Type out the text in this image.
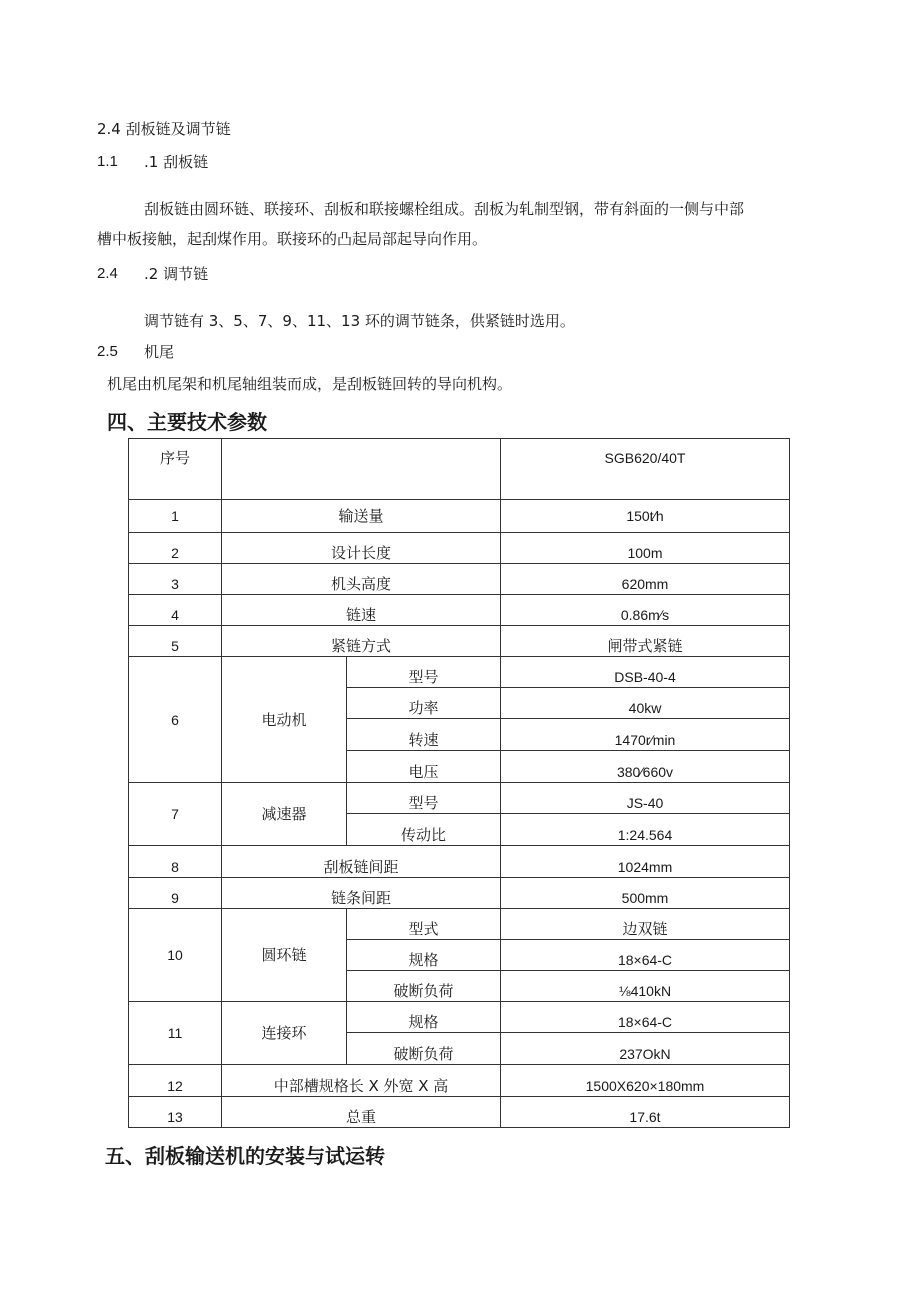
2.4 刮板链及调节链
1.1 .1 刮板链
刮板链由圆环链、联接环、刮板和联接螺栓组成。刮板为轧制型钢，带有斜面的一侧与中部
槽中板接触，起刮煤作用。联接环的凸起局部起导向作用。
2.4 .2 调节链
调节链有 3、5、7、9、11、13 环的调节链条，供紧链时选用。
2.5 机尾
机尾由机尾架和机尾轴组装而成，是刮板链回转的导向机构。
四、主要技术参数
序号			SGB620/40T
1	输送量		150t∕h
2	设计长度		100m
3	机头高度		620mm
4	链速		0.86m∕s
5	紧链方式		闸带式紧链
6	电动机	型号	DSB-40-4
		功率	40kw
		转速	1470r∕min
		电压	380∕660v
7	减速器	型号	JS-40
		传动比	1:24.564
8	刮板链间距		1024mm
9	链条间距		500mm
10	圆环链	型式	边双链
		规格	18×64-C
		破断负荷	⅛410kN
11	连接环	规格	18×64-C
		破断负荷	237OkN
12	中部槽规格长 X 外宽 X 高		1500X620×180mm
13	总重		17.6t
五、刮板输送机的安装与试运转
